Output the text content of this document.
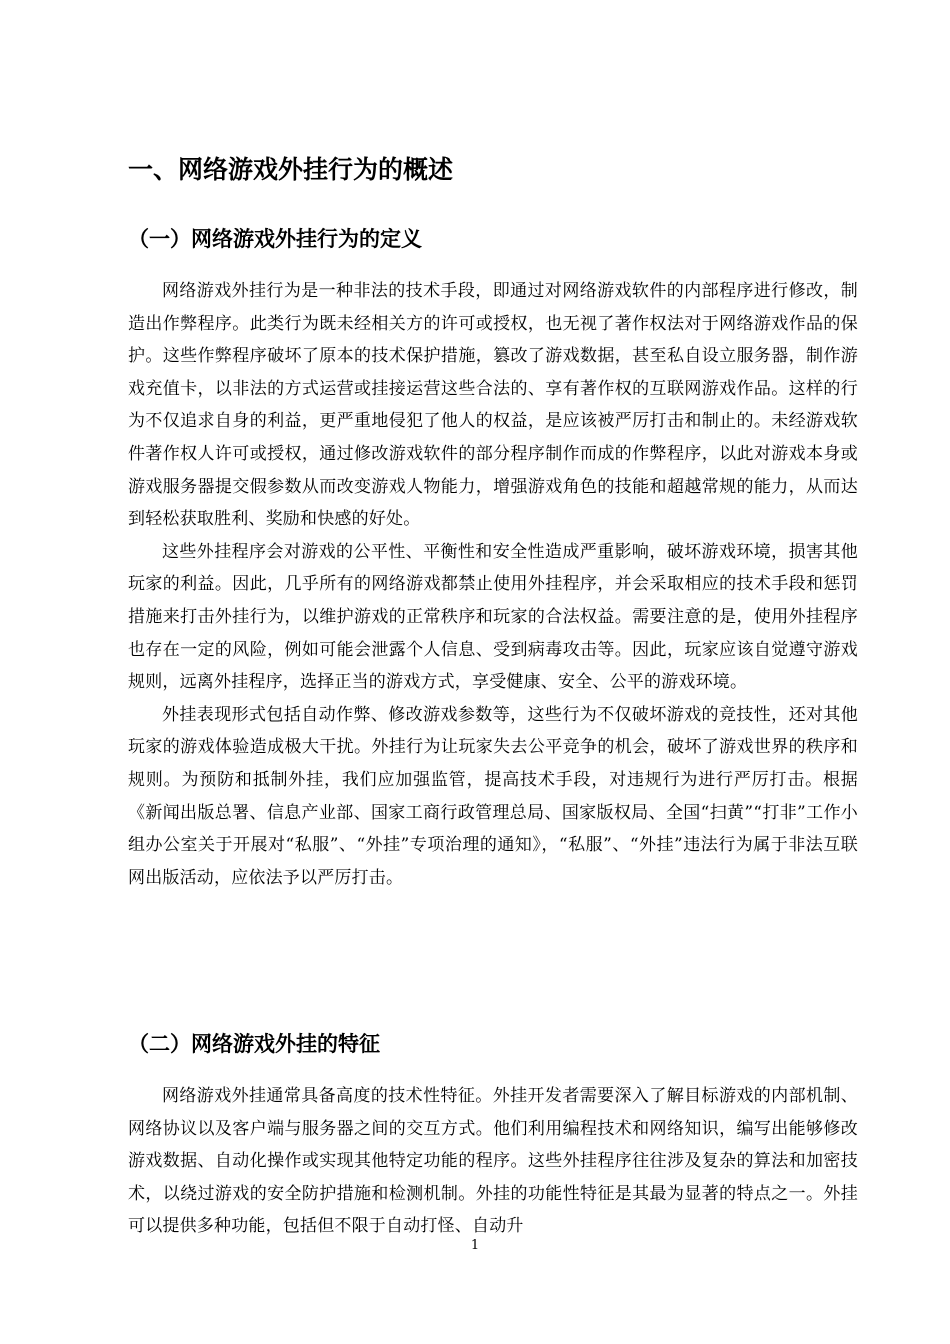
一、网络游戏外挂行为的概述
（一）网络游戏外挂行为的定义

网络游戏外挂行为是一种非法的技术手段，即通过对网络游戏软件的内部程序进行修改，制造出作弊程序。此类行为既未经相关方的许可或授权，也无视了著作权法对于网络游戏作品的保护。这些作弊程序破坏了原本的技术保护措施，篡改了游戏数据，甚至私自设立服务器，制作游戏充值卡，以非法的方式运营或挂接运营这些合法的、享有著作权的互联网游戏作品。这样的行为不仅追求自身的利益，更严重地侵犯了他人的权益，是应该被严厉打击和制止的。未经游戏软件著作权人许可或授权，通过修改游戏软件的部分程序制作而成的作弊程序，以此对游戏本身或游戏服务器提交假参数从而改变游戏人物能力，增强游戏角色的技能和超越常规的能力，从而达到轻松获取胜利、奖励和快感的好处。

这些外挂程序会对游戏的公平性、平衡性和安全性造成严重影响，破坏游戏环境，损害其他玩家的利益。因此，几乎所有的网络游戏都禁止使用外挂程序，并会采取相应的技术手段和惩罚措施来打击外挂行为，以维护游戏的正常秩序和玩家的合法权益。需要注意的是，使用外挂程序也存在一定的风险，例如可能会泄露个人信息、受到病毒攻击等。因此，玩家应该自觉遵守游戏规则，远离外挂程序，选择正当的游戏方式，享受健康、安全、公平的游戏环境。

外挂表现形式包括自动作弊、修改游戏参数等，这些行为不仅破坏游戏的竞技性，还对其他玩家的游戏体验造成极大干扰。外挂行为让玩家失去公平竞争的机会，破坏了游戏世界的秩序和规则。为预防和抵制外挂，我们应加强监管，提高技术手段，对违规行为进行严厉打击。根据《新闻出版总署、信息产业部、国家工商行政管理总局、国家版权局、全国“扫黄”“打非”工作小组办公室关于开展对“私服”、“外挂”专项治理的通知》，“私服”、“外挂”违法行为属于非法互联网出版活动，应依法予以严厉打击。

（二）网络游戏外挂的特征

网络游戏外挂通常具备高度的技术性特征。外挂开发者需要深入了解目标游戏的内部机制、网络协议以及客户端与服务器之间的交互方式。他们利用编程技术和网络知识，编写出能够修改游戏数据、自动化操作或实现其他特定功能的程序。这些外挂程序往往涉及复杂的算法和加密技术，以绕过游戏的安全防护措施和检测机制。外挂的功能性特征是其最为显著的特点之一。外挂可以提供多种功能，包括但不限于自动打怪、自动升

1
